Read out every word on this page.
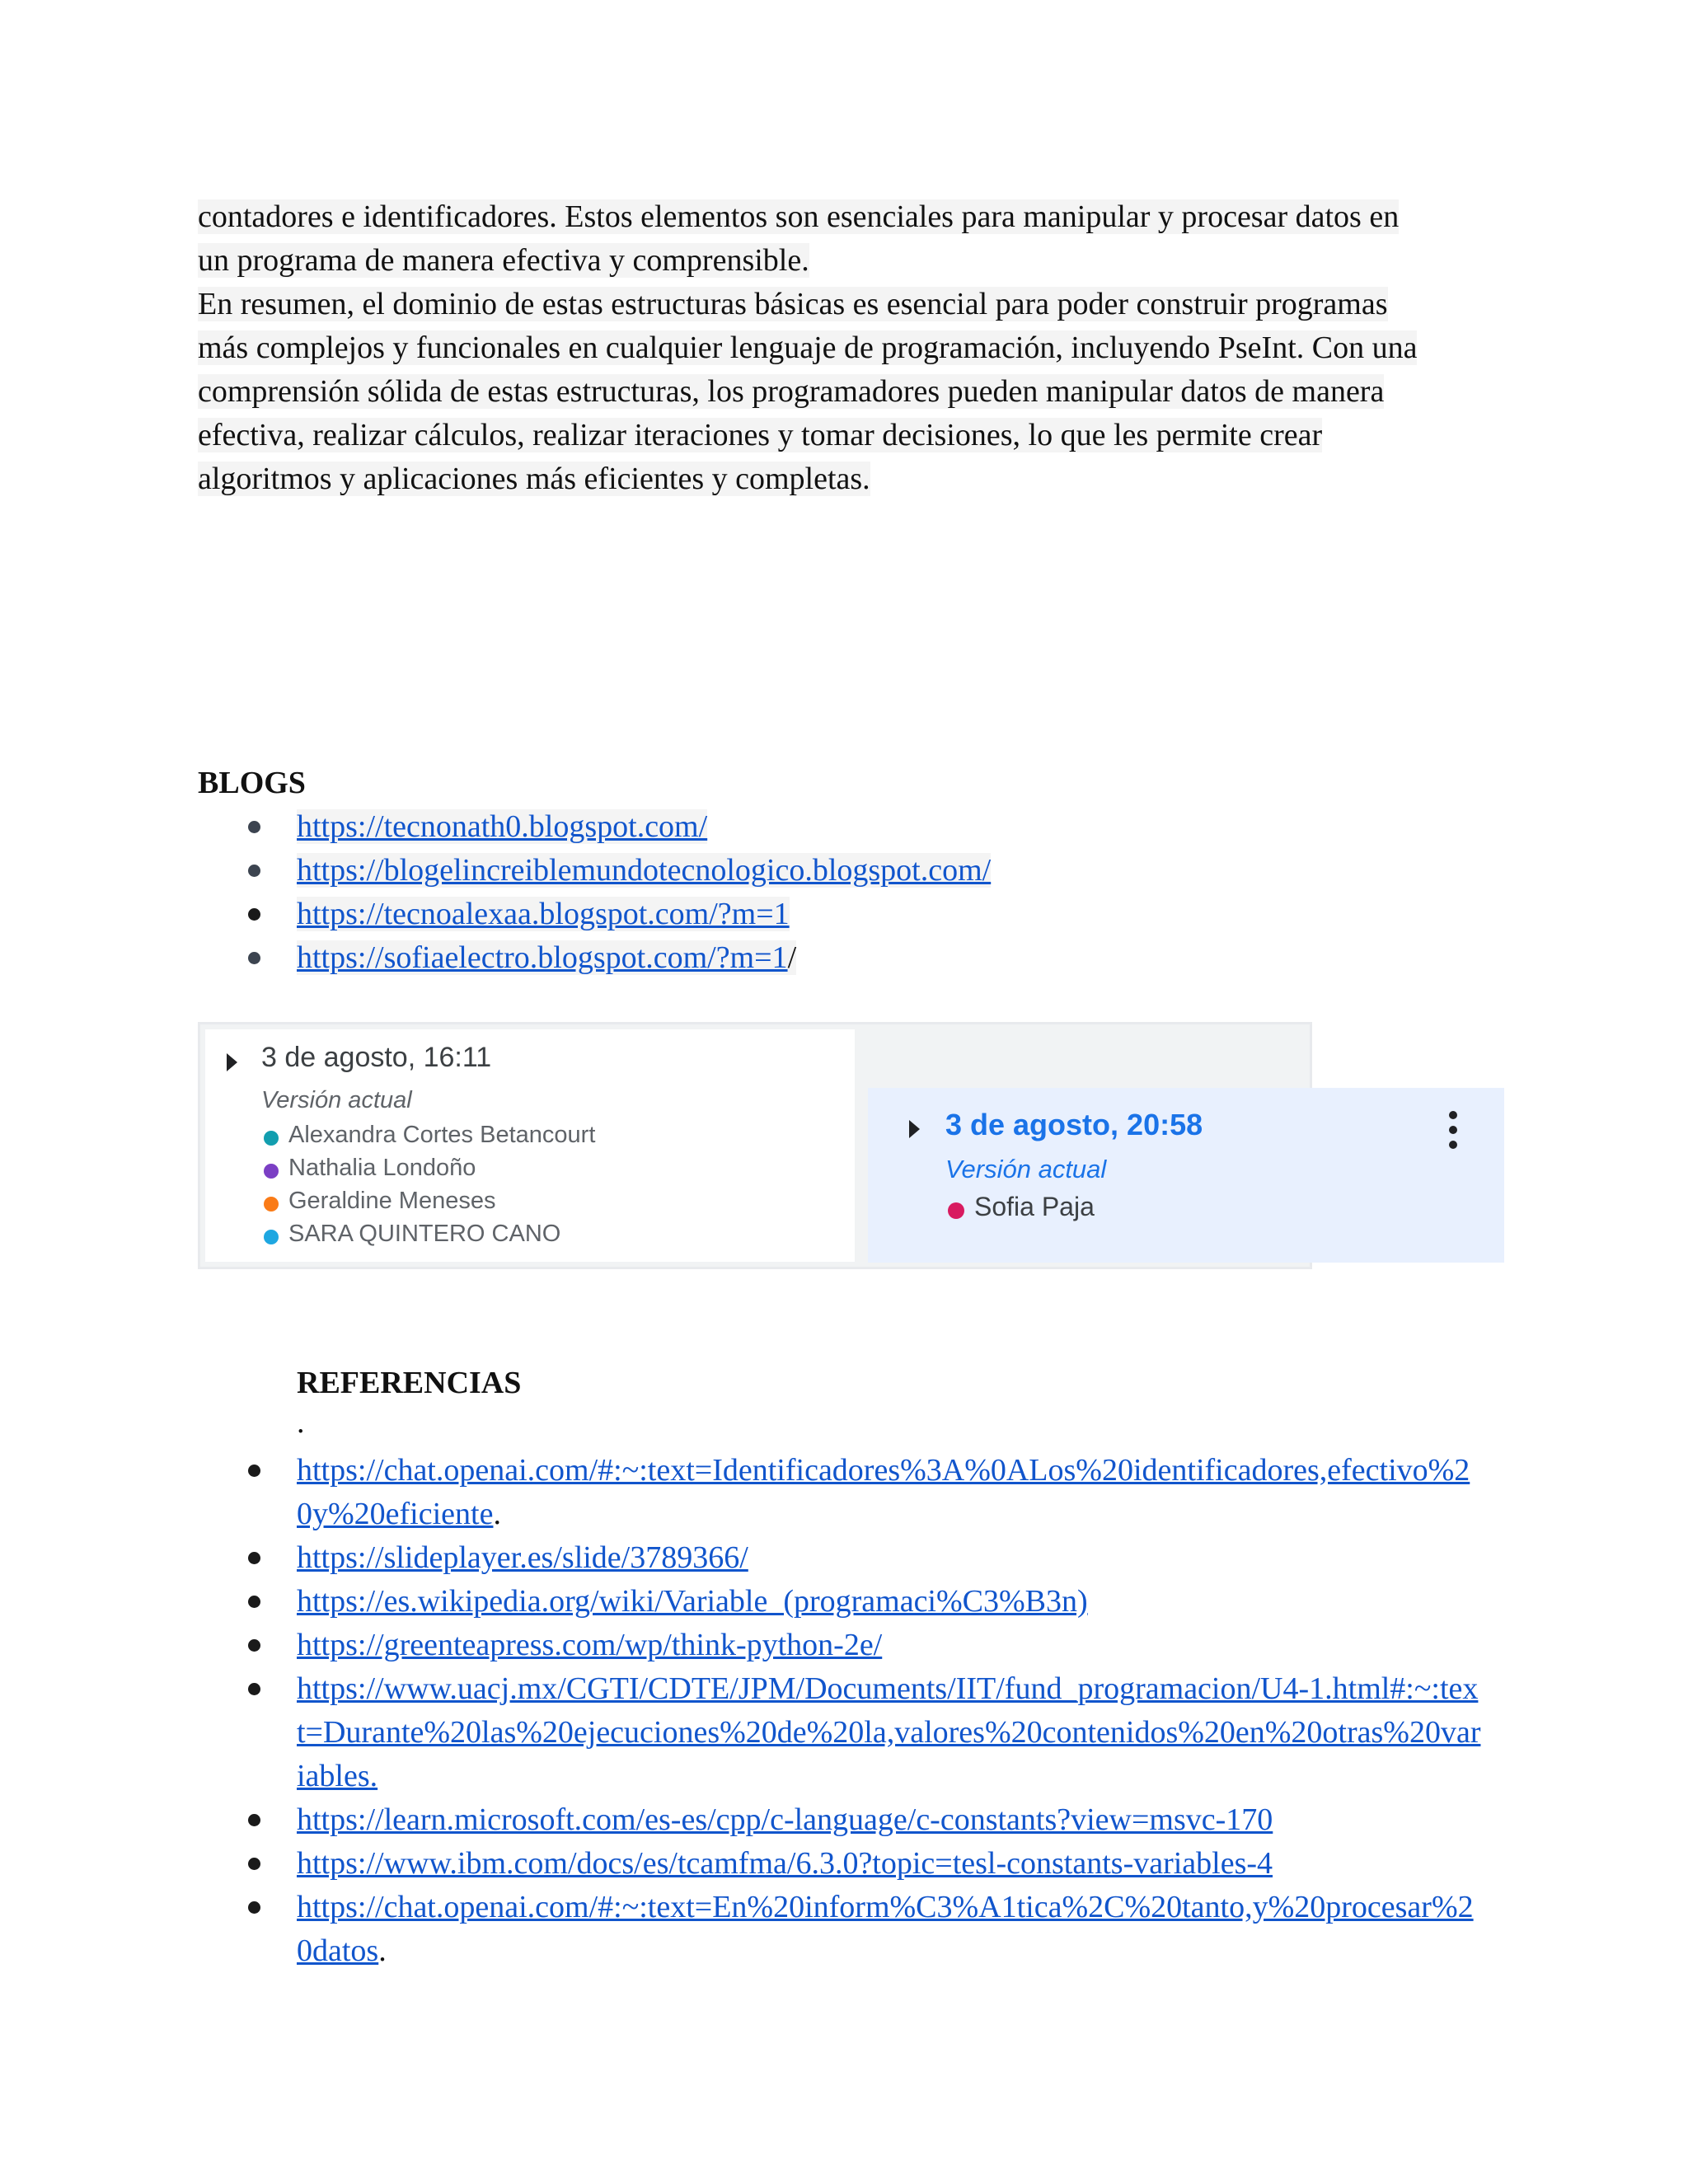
contadores e identificadores. Estos elementos son esenciales para manipular y procesar datos en
un programa de manera efectiva y comprensible.
En resumen, el dominio de estas estructuras básicas es esencial para poder construir programas
más complejos y funcionales en cualquier lenguaje de programación, incluyendo PseInt. Con una
comprensión sólida de estas estructuras, los programadores pueden manipular datos de manera
efectiva, realizar cálculos, realizar iteraciones y tomar decisiones, lo que les permite crear
algoritmos y aplicaciones más eficientes y completas.

BLOGS
https://tecnonath0.blogspot.com/
https://blogelincreiblemundotecnologico.blogspot.com/
https://tecnoalexaa.blogspot.com/?m=1
https://sofiaelectro.blogspot.com/?m=1/
3 de agosto, 16:11
Versión actual
Alexandra Cortes Betancourt
Nathalia Londoño
Geraldine Meneses
SARA QUINTERO CANO
3 de agosto, 20:58
Versión actual
Sofia Paja
REFERENCIAS
.
https://chat.openai.com/#:~:text=Identificadores%3A%0ALos%20identificadores,efectivo%20y%20eficiente.
https://slideplayer.es/slide/3789366/
https://es.wikipedia.org/wiki/Variable_(programaci%C3%B3n)
https://greenteapress.com/wp/think-python-2e/
https://www.uacj.mx/CGTI/CDTE/JPM/Documents/IIT/fund_programacion/U4-1.html#:~:text=Durante%20las%20ejecuciones%20de%20la,valores%20contenidos%20en%20otras%20variables.
https://learn.microsoft.com/es-es/cpp/c-language/c-constants?view=msvc-170
https://www.ibm.com/docs/es/tcamfma/6.3.0?topic=tesl-constants-variables-4
https://chat.openai.com/#:~:text=En%20inform%C3%A1tica%2C%20tanto,y%20procesar%20datos.
